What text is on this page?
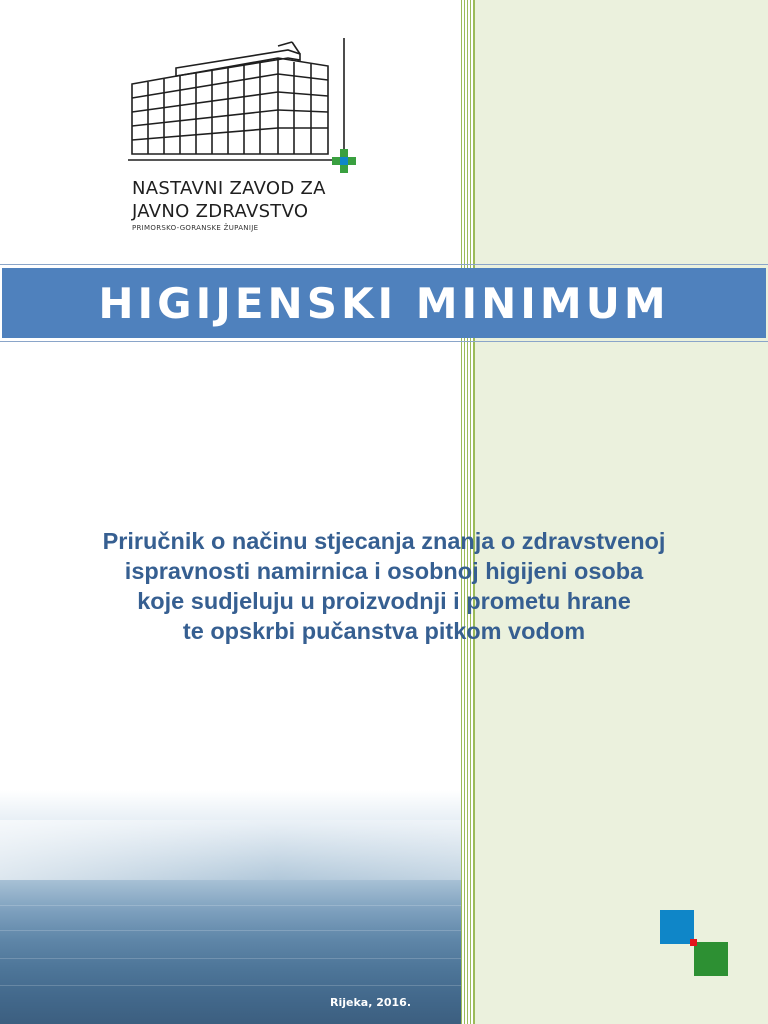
NASTAVNI ZAVOD ZA
JAVNO ZDRAVSTVO
PRIMORSKO-GORANSKE ŽUPANIJE
HIGIJENSKI MINIMUM
Priručnik o načinu stjecanja znanja o zdravstvenoj
ispravnosti namirnica i osobnoj higijeni osoba
koje sudjeluju u proizvodnji i prometu hrane
te opskrbi pučanstva pitkom vodom
Rijeka, 2016.
